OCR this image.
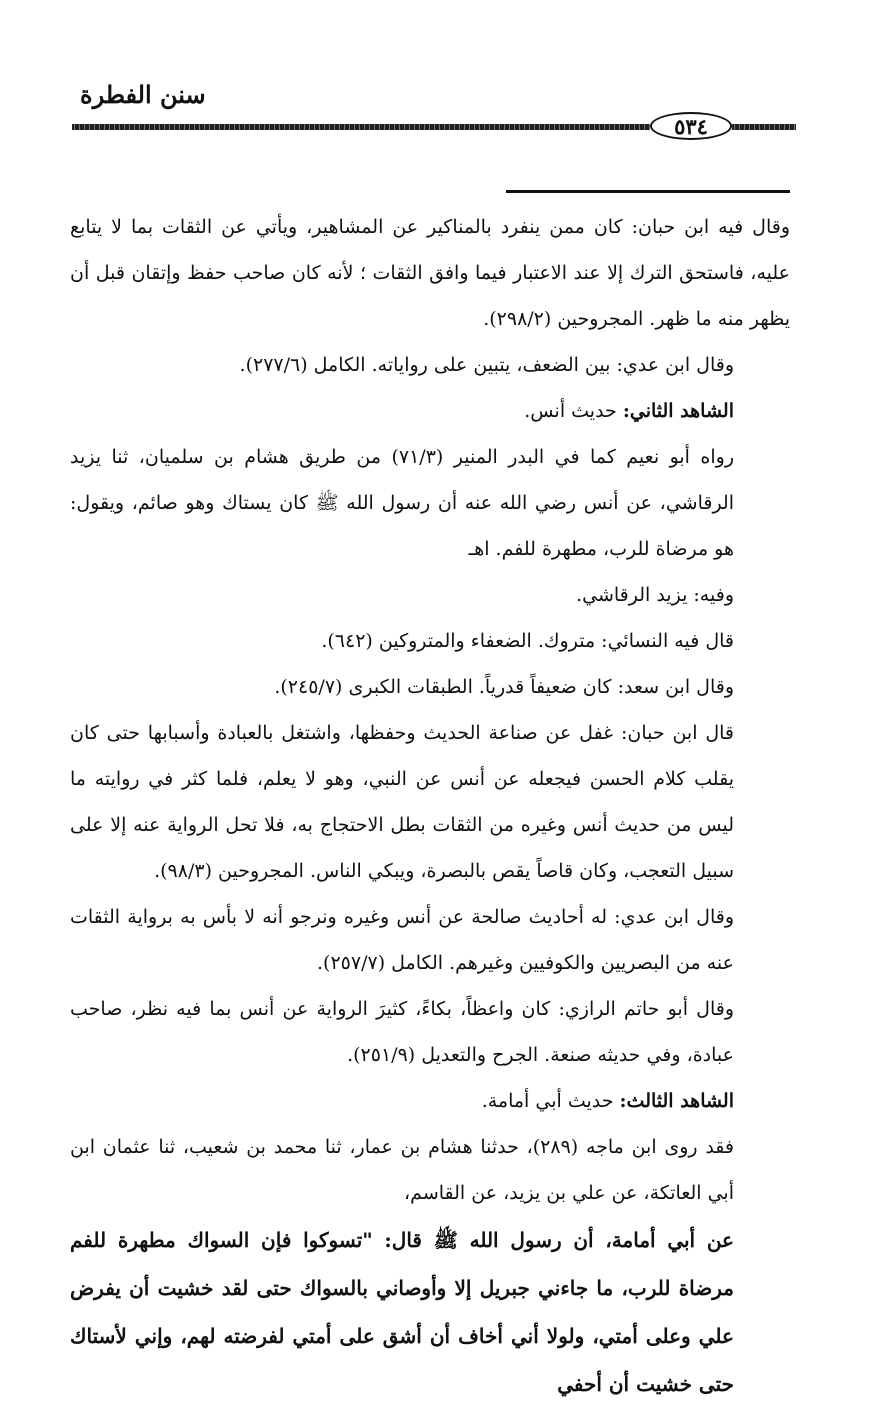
سنن الفطرة
٥٣٤

وقال فيه ابن حبان: كان ممن ينفرد بالمناكير عن المشاهير، ويأتي عن الثقات بما لا يتابع عليه، فاستحق الترك إلا عند الاعتبار فيما وافق الثقات ؛ لأنه كان صاحب حفظ وإتقان قبل أن يظهر منه ما ظهر. المجروحين (٢٩٨/٢).

وقال ابن عدي: بين الضعف، يتبين على رواياته. الكامل (٢٧٧/٦).

الشاهد الثاني: حديث أنس.

رواه أبو نعيم كما في البدر المنير (٧١/٣) من طريق هشام بن سلميان، ثنا يزيد الرقاشي، عن أنس رضي الله عنه أن رسول الله ﷺ كان يستاك وهو صائم، ويقول: هو مرضاة للرب، مطهرة للفم. اهـ

وفيه: يزيد الرقاشي.

قال فيه النسائي: متروك. الضعفاء والمتروكين (٦٤٢).

وقال ابن سعد: كان ضعيفاً قدرياً. الطبقات الكبرى (٢٤٥/٧).

قال ابن حبان: غفل عن صناعة الحديث وحفظها، واشتغل بالعبادة وأسبابها حتى كان يقلب كلام الحسن فيجعله عن أنس عن النبي، وهو لا يعلم، فلما كثر في روايته ما ليس من حديث أنس وغيره من الثقات بطل الاحتجاج به، فلا تحل الرواية عنه إلا على سبيل التعجب، وكان قاصاً يقص بالبصرة، ويبكي الناس. المجروحين (٩٨/٣).

وقال ابن عدي: له أحاديث صالحة عن أنس وغيره ونرجو أنه لا بأس به برواية الثقات عنه من البصريين والكوفيين وغيرهم. الكامل (٢٥٧/٧).

وقال أبو حاتم الرازي: كان واعظاً، بكاءً، كثيرَ الرواية عن أنس بما فيه نظر، صاحب عبادة، وفي حديثه صنعة. الجرح والتعديل (٢٥١/٩).

الشاهد الثالث: حديث أبي أمامة.

فقد روى ابن ماجه (٢٨٩)، حدثنا هشام بن عمار، ثنا محمد بن شعيب، ثنا عثمان ابن أبي العاتكة، عن علي بن يزيد، عن القاسم،

عن أبي أمامة، أن رسول الله ﷺ قال: "تسوكوا فإن السواك مطهرة للفم مرضاة للرب، ما جاءني جبريل إلا وأوصاني بالسواك حتى لقد خشيت أن يفرض علي وعلى أمتي، ولولا أني أخاف أن أشق على أمتي لفرضته لهم، وإني لأستاك حتى خشيت أن أحفي
